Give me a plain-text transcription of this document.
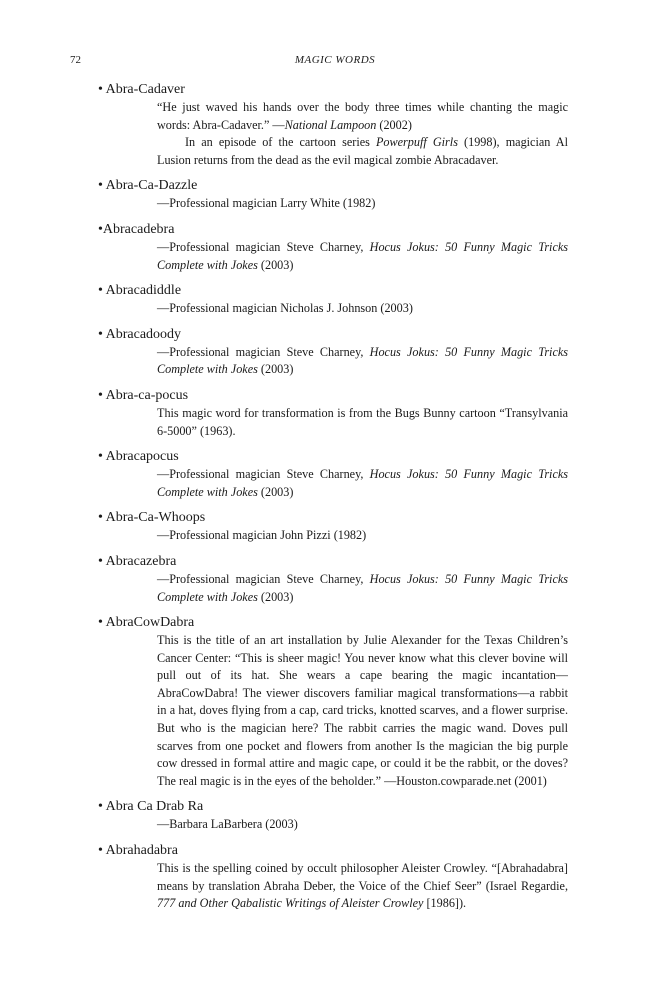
72	MAGIC WORDS
• Abra-Cadaver

“He just waved his hands over the body three times while chanting the magic words: Abra-Cadaver.” —National Lampoon (2002)

In an episode of the cartoon series Powerpuff Girls (1998), magician Al Lusion returns from the dead as the evil magical zombie Abracadaver.

• Abra-Ca-Dazzle

—Professional magician Larry White (1982)

•Abracadebra

—Professional magician Steve Charney, Hocus Jokus: 50 Funny Magic Tricks Complete with Jokes (2003)

• Abracadiddle

—Professional magician Nicholas J. Johnson (2003)

• Abracadoody

—Professional magician Steve Charney, Hocus Jokus: 50 Funny Magic Tricks Complete with Jokes (2003)

• Abra-ca-pocus

This magic word for transformation is from the Bugs Bunny cartoon “Transylvania 6-5000” (1963).

• Abracapocus

—Professional magician Steve Charney, Hocus Jokus: 50 Funny Magic Tricks Complete with Jokes (2003)

• Abra-Ca-Whoops

—Professional magician John Pizzi (1982)

• Abracazebra

—Professional magician Steve Charney, Hocus Jokus: 50 Funny Magic Tricks Complete with Jokes (2003)

• AbraCowDabra

This is the title of an art installation by Julie Alexander for the Texas Children’s Cancer Center: “This is sheer magic! You never know what this clever bovine will pull out of its hat. She wears a cape bearing the magic incantation—AbraCowDabra! The viewer discovers familiar magical transformations—a rabbit in a hat, doves flying from a cap, card tricks, knotted scarves, and a flower surprise. But who is the magician here? The rabbit carries the magic wand. Doves pull scarves from one pocket and flowers from another Is the magician the big purple cow dressed in formal attire and magic cape, or could it be the rabbit, or the doves? The real magic is in the eyes of the beholder.” —Houston.cowparade.net (2001)

• Abra Ca Drab Ra

—Barbara LaBarbera (2003)

• Abrahadabra

This is the spelling coined by occult philosopher Aleister Crowley. “[Abrahadabra] means by translation Abraha Deber, the Voice of the Chief Seer” (Israel Regardie, 777 and Other Qabalistic Writings of Aleister Crowley [1986]).
